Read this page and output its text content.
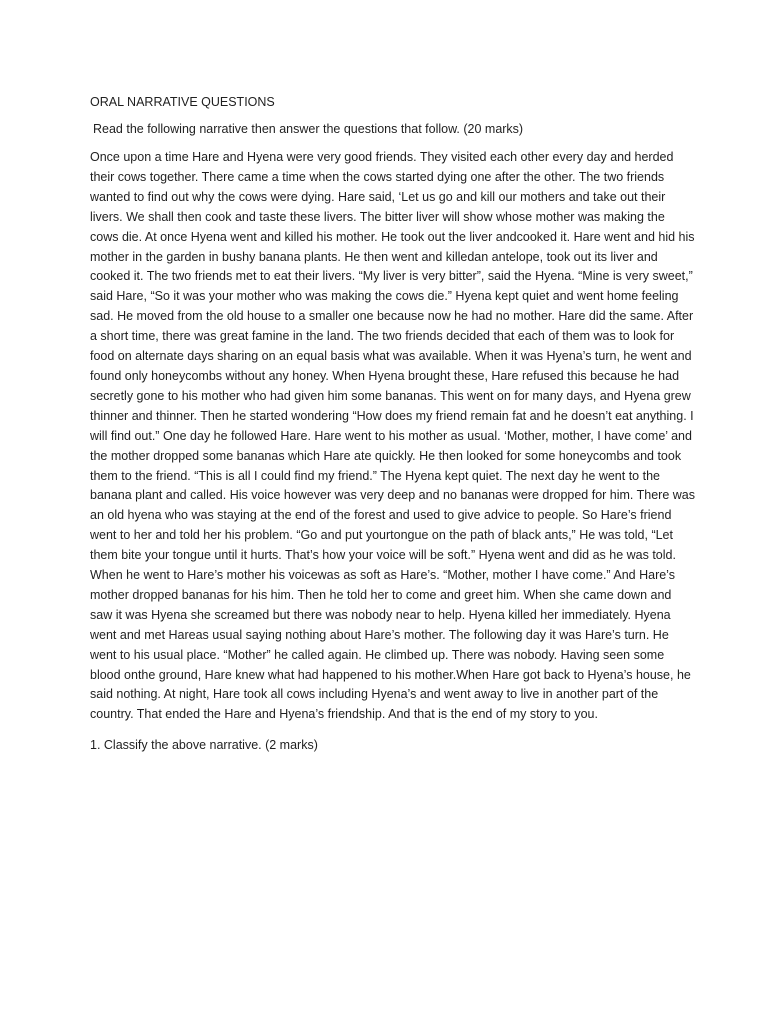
ORAL NARRATIVE QUESTIONS

Read the following narrative then answer the questions that follow. (20 marks)

Once upon a time Hare and Hyena were very good friends. They visited each other every day and herded their cows together. There came a time when the cows started dying one after the other. The two friends wanted to find out why the cows were dying. Hare said, ‘Let us go and kill our mothers and take out their livers. We shall then cook and taste these livers. The bitter liver will show whose mother was making the cows die. At once Hyena went and killed his mother. He took out the liver andcooked it. Hare went and hid his mother in the garden in bushy banana plants. He then went and killedan antelope, took out its liver and cooked it. The two friends met to eat their livers. “My liver is very bitter”, said the Hyena. “Mine is very sweet,” said Hare, “So it was your mother who was making the cows die.” Hyena kept quiet and went home feeling sad. He moved from the old house to a smaller one because now he had no mother. Hare did the same. After a short time, there was great famine in the land. The two friends decided that each of them was to look for food on alternate days sharing on an equal basis what was available. When it was Hyena’s turn, he went and found only honeycombs without any honey. When Hyena brought these, Hare refused this because he had secretly gone to his mother who had given him some bananas. This went on for many days, and Hyena grew thinner and thinner. Then he started wondering “How does my friend remain fat and he doesn’t eat anything. I will find out.” One day he followed Hare. Hare went to his mother as usual. ‘Mother, mother, I have come’ and the mother dropped some bananas which Hare ate quickly. He then looked for some honeycombs and took them to the friend. “This is all I could find my friend.” The Hyena kept quiet. The next day he went to the banana plant and called. His voice however was very deep and no bananas were dropped for him. There was an old hyena who was staying at the end of the forest and used to give advice to people. So Hare’s friend went to her and told her his problem. “Go and put yourtongue on the path of black ants,” He was told, “Let them bite your tongue until it hurts. That’s how your voice will be soft.” Hyena went and did as he was told. When he went to Hare’s mother his voicewas as soft as Hare’s. “Mother, mother I have come.” And Hare’s mother dropped bananas for his him. Then he told her to come and greet him. When she came down and saw it was Hyena she screamed but there was nobody near to help. Hyena killed her immediately. Hyena went and met Hareas usual saying nothing about Hare’s mother. The following day it was Hare’s turn. He went to his usual place. “Mother” he called again. He climbed up. There was nobody. Having seen some blood onthe ground, Hare knew what had happened to his mother.When Hare got back to Hyena’s house, he said nothing. At night, Hare took all cows including Hyena’s and went away to live in another part of the country. That ended the Hare and Hyena’s friendship. And that is the end of my story to you.

1. Classify the above narrative. (2 marks)
